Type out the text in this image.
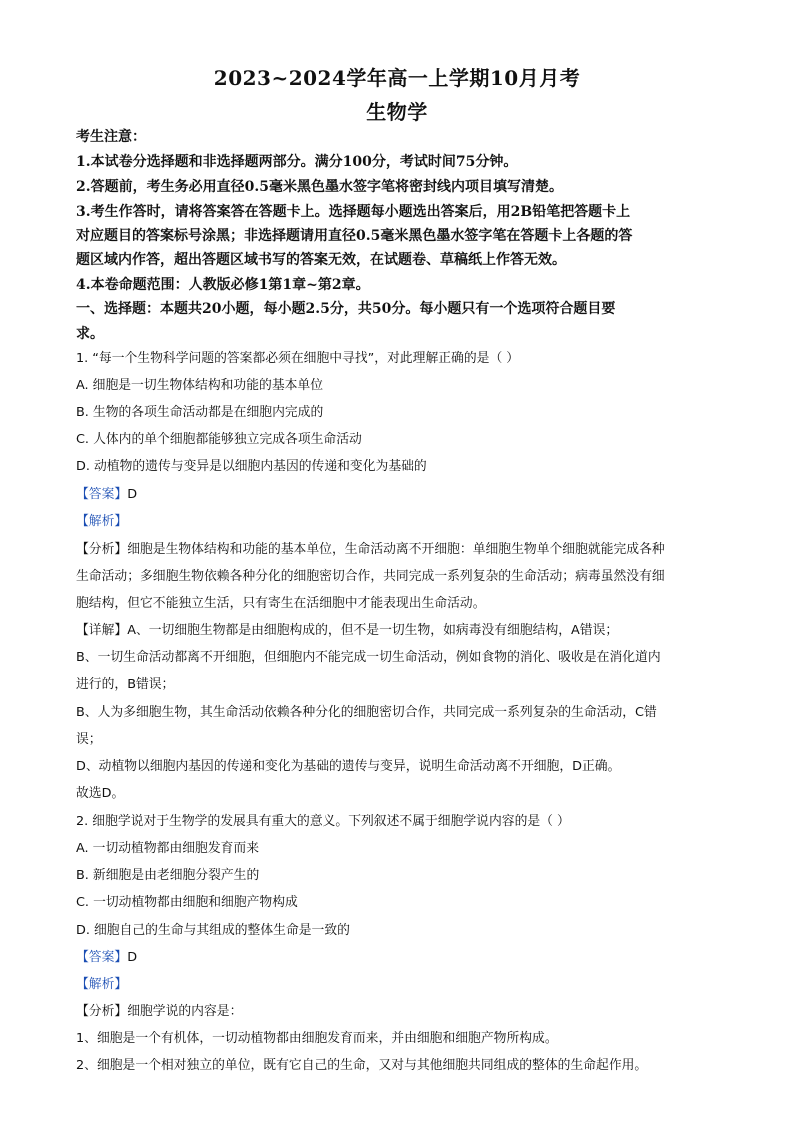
2023~2024学年高一上学期10月月考
生物学
考生注意：
1.本试卷分选择题和非选择题两部分。满分100分，考试时间75分钟。
2.答题前，考生务必用直径0.5毫米黑色墨水签字笔将密封线内项目填写清楚。
3.考生作答时，请将答案答在答题卡上。选择题每小题选出答案后，用2B铅笔把答题卡上
对应题目的答案标号涂黑；非选择题请用直径0.5毫米黑色墨水签字笔在答题卡上各题的答
题区域内作答，超出答题区域书写的答案无效，在试题卷、草稿纸上作答无效。
4.本卷命题范围：人教版必修1第1章~第2章。
一、选择题：本题共20小题，每小题2.5分，共50分。每小题只有一个选项符合题目要
求。
1. “每一个生物科学问题的答案都必须在细胞中寻找”，对此理解正确的是（ ）
A. 细胞是一切生物体结构和功能的基本单位
B. 生物的各项生命活动都是在细胞内完成的
C. 人体内的单个细胞都能够独立完成各项生命活动
D. 动植物的遗传与变异是以细胞内基因的传递和变化为基础的
【答案】D
【解析】
【分析】细胞是生物体结构和功能的基本单位，生命活动离不开细胞：单细胞生物单个细胞就能完成各种
生命活动；多细胞生物依赖各种分化的细胞密切合作，共同完成一系列复杂的生命活动；病毒虽然没有细
胞结构，但它不能独立生活，只有寄生在活细胞中才能表现出生命活动。
【详解】A、一切细胞生物都是由细胞构成的，但不是一切生物，如病毒没有细胞结构，A错误；
B、一切生命活动都离不开细胞，但细胞内不能完成一切生命活动，例如食物的消化、吸收是在消化道内
进行的，B错误；
B、人为多细胞生物，其生命活动依赖各种分化的细胞密切合作，共同完成一系列复杂的生命活动，C错
误；
D、动植物以细胞内基因的传递和变化为基础的遗传与变异，说明生命活动离不开细胞，D正确。
故选D。
2. 细胞学说对于生物学的发展具有重大的意义。下列叙述不属于细胞学说内容的是（ ）
A. 一切动植物都由细胞发育而来
B. 新细胞是由老细胞分裂产生的
C. 一切动植物都由细胞和细胞产物构成
D. 细胞自己的生命与其组成的整体生命是一致的
【答案】D
【解析】
【分析】细胞学说的内容是：
1、细胞是一个有机体，一切动植物都由细胞发育而来，并由细胞和细胞产物所构成。
2、细胞是一个相对独立的单位，既有它自己的生命，又对与其他细胞共同组成的整体的生命起作用。
